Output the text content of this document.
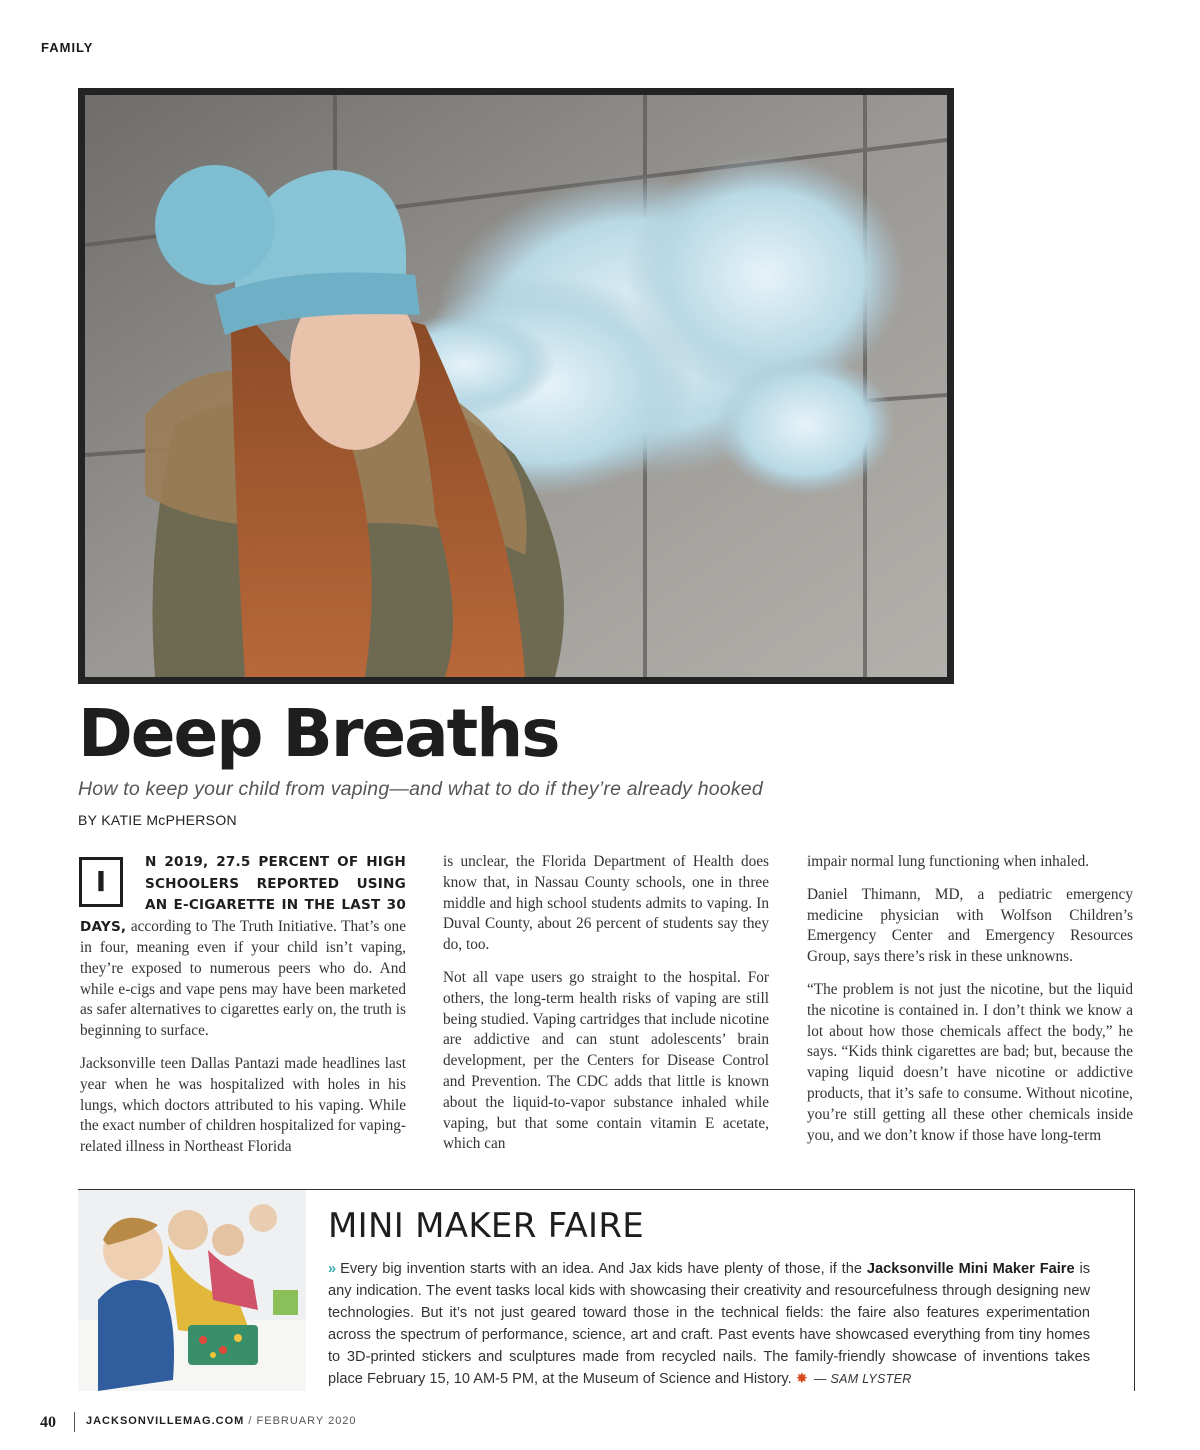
FAMILY
Deep Breaths
How to keep your child from vaping—and what to do if they’re already hooked
BY KATIE McPHERSON

I
N 2019, 27.5 PERCENT OF HIGH SCHOOLERS REPORTED USING AN E-CIGARETTE IN THE LAST 30 DAYS, according to The Truth Initiative. That’s one in four, meaning even if your child isn’t vaping, they’re exposed to numerous peers who do. And while e-cigs and vape pens may have been marketed as safer alternatives to cigarettes early on, the truth is beginning to surface.

Jacksonville teen Dallas Pantazi made headlines last year when he was hospitalized with holes in his lungs, which doctors attributed to his vaping. While the exact number of children hospitalized for vaping-related illness in Northeast Florida

is unclear, the Florida Department of Health does know that, in Nassau County schools, one in three middle and high school students admits to vaping. In Duval County, about 26 percent of students say they do, too.

Not all vape users go straight to the hospital. For others, the long-term health risks of vaping are still being studied. Vaping cartridges that include nicotine are addictive and can stunt adolescents’ brain development, per the Centers for Disease Control and Prevention. The CDC adds that little is known about the liquid-to-vapor substance inhaled while vaping, but that some contain vitamin E acetate, which can

impair normal lung functioning when inhaled.

Daniel Thimann, MD, a pediatric emergency medicine physician with Wolfson Children’s Emergency Center and Emergency Resources Group, says there’s risk in these unknowns.

“The problem is not just the nicotine, but the liquid the nicotine is contained in. I don’t think we know a lot about how those chemicals affect the body,” he says. “Kids think cigarettes are bad; but, because the vaping liquid doesn’t have nicotine or addictive products, that it’s safe to consume. Without nicotine, you’re still getting all these other chemicals inside you, and we don’t know if those have long-term

MINI MAKER FAIRE
» Every big invention starts with an idea. And Jax kids have plenty of those, if the Jacksonville Mini Maker Faire is any indication. The event tasks local kids with showcasing their creativity and resourcefulness through designing new technologies. But it’s not just geared toward those in the technical fields: the faire also features experimentation across the spectrum of performance, science, art and craft. Past events have showcased everything from tiny homes to 3D-printed stickers and sculptures made from recycled nails. The family-friendly showcase of inventions takes place February 15, 10 AM-5 PM, at the Museum of Science and History. ✸ — SAM LYSTER
40	JACKSONVILLEMAG.COM / FEBRUARY 2020
